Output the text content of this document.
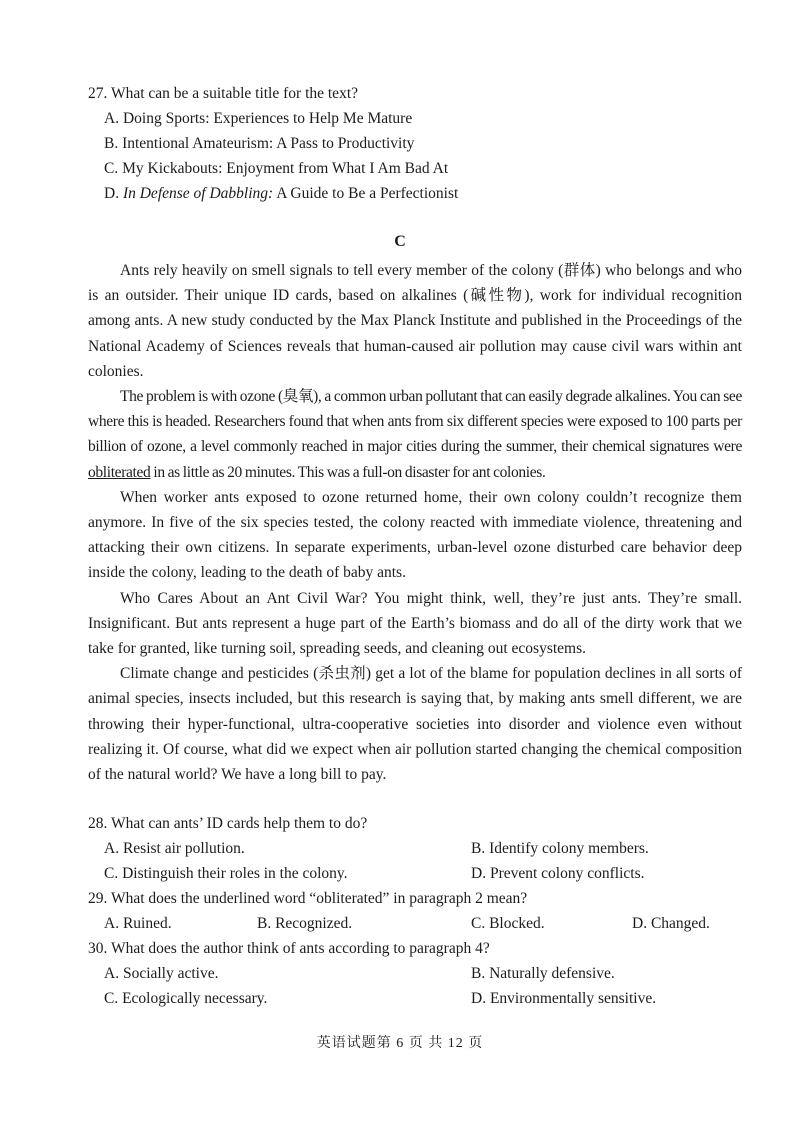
27. What can be a suitable title for the text?
A. Doing Sports: Experiences to Help Me Mature
B. Intentional Amateurism: A Pass to Productivity
C. My Kickabouts: Enjoyment from What I Am Bad At
D. In Defense of Dabbling: A Guide to Be a Perfectionist
C

Ants rely heavily on smell signals to tell every member of the colony (群体) who belongs and who is an outsider. Their unique ID cards, based on alkalines (碱性物), work for individual recognition among ants. A new study conducted by the Max Planck Institute and published in the Proceedings of the National Academy of Sciences reveals that human-caused air pollution may cause civil wars within ant colonies.

The problem is with ozone (臭氧), a common urban pollutant that can easily degrade alkalines. You can see where this is headed. Researchers found that when ants from six different species were exposed to 100 parts per billion of ozone, a level commonly reached in major cities during the summer, their chemical signatures were obliterated in as little as 20 minutes. This was a full-on disaster for ant colonies.

When worker ants exposed to ozone returned home, their own colony couldn’t recognize them anymore. In five of the six species tested, the colony reacted with immediate violence, threatening and attacking their own citizens. In separate experiments, urban-level ozone disturbed care behavior deep inside the colony, leading to the death of baby ants.

Who Cares About an Ant Civil War? You might think, well, they’re just ants. They’re small. Insignificant. But ants represent a huge part of the Earth’s biomass and do all of the dirty work that we take for granted, like turning soil, spreading seeds, and cleaning out ecosystems.

Climate change and pesticides (杀虫剂) get a lot of the blame for population declines in all sorts of animal species, insects included, but this research is saying that, by making ants smell different, we are throwing their hyper-functional, ultra-cooperative societies into disorder and violence even without realizing it. Of course, what did we expect when air pollution started changing the chemical composition of the natural world? We have a long bill to pay.

28. What can ants’ ID cards help them to do?
A. Resist air pollution.	B. Identify colony members.
C. Distinguish their roles in the colony.	D. Prevent colony conflicts.
29. What does the underlined word “obliterated” in paragraph 2 mean?
A. Ruined.	B. Recognized.	C. Blocked.	D. Changed.
30. What does the author think of ants according to paragraph 4?
A. Socially active.	B. Naturally defensive.
C. Ecologically necessary.	D. Environmentally sensitive.
英语试题第 6 页 共 12 页
